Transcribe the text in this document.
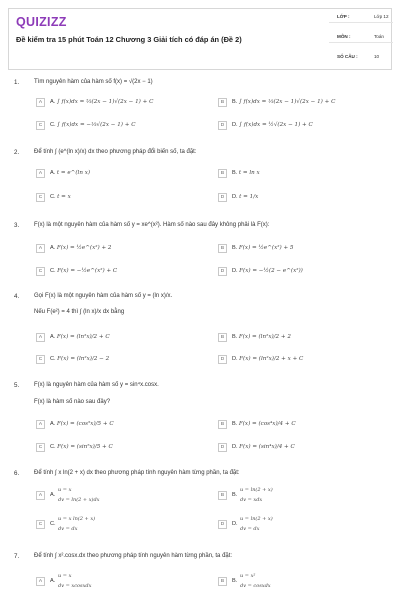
QUIZIZZ
Đề kiểm tra 15 phút Toán 12 Chương 3 Giải tích có đáp án (Đề 2)
LỚP :	Lớp 12
MÔN :	Toán
SỐ CÂU :	10
1. Tìm nguyên hàm của hàm số f(x) = √(2x − 1)
A	A. ∫ f(x)dx = ⅔(2x − 1)√(2x − 1) + C	B	B. ∫ f(x)dx = ⅓(2x − 1)√(2x − 1) + C
C	C. ∫ f(x)dx = −⅓√(2x − 1) + C	D	D. ∫ f(x)dx = ½√(2x − 1) + C
2. Để tính ∫ (e^(ln x)/x) dx theo phương pháp đổi biến số, ta đặt:
A	A. t = e^(ln x)	B	B. t = ln x
C	C. t = x	D	D. t = 1/x
3. F(x) là một nguyên hàm của hàm số y = xe^(x²). Hàm số nào sau đây không phải là F(x):
A	A. F(x) = ½e^(x²) + 2	B	B. F(x) = ½e^(x²) + 5
C	C. F(x) = −½e^(x²) + C	D	D. F(x) = −½(2 − e^(x²))
4. Gọi F(x) là một nguyên hàm của hàm số y = (ln x)/x.
Nếu F(e²) = 4 thì ∫ (ln x)/x dx bằng
A	A. F(x) = (ln²x)/2 + C	B	B. F(x) = (ln²x)/2 + 2
C	C. F(x) = (ln²x)/2 − 2	D	D. F(x) = (ln²x)/2 + x + C
5. F(x) là nguyên hàm của hàm số y = sin⁴x.cosx.
F(x) là hàm số nào sau đây?
A	A. F(x) = (cos⁵x)/5 + C	B	B. F(x) = (cos⁴x)/4 + C
C	C. F(x) = (sin⁵x)/5 + C	D	D. F(x) = (sin⁴x)/4 + C
6. Để tính ∫ x ln(2 + x) dx theo phương pháp tính nguyên hàm từng phần, ta đặt:
A	A.
u = x
dv = ln(2 + x)dx
B	B.
u = ln(2 + x)
dv = xdx
C	C.
u = x ln(2 + x)
dv = dx
D	D.
u = ln(2 + x)
dv = dx
7. Để tính ∫ x².cosx.dx theo phương pháp tính nguyên hàm từng phần, ta đặt:
A	A.
u = x
dv = xcosxdx
B	B.
u = x²
dv = cosxdx
